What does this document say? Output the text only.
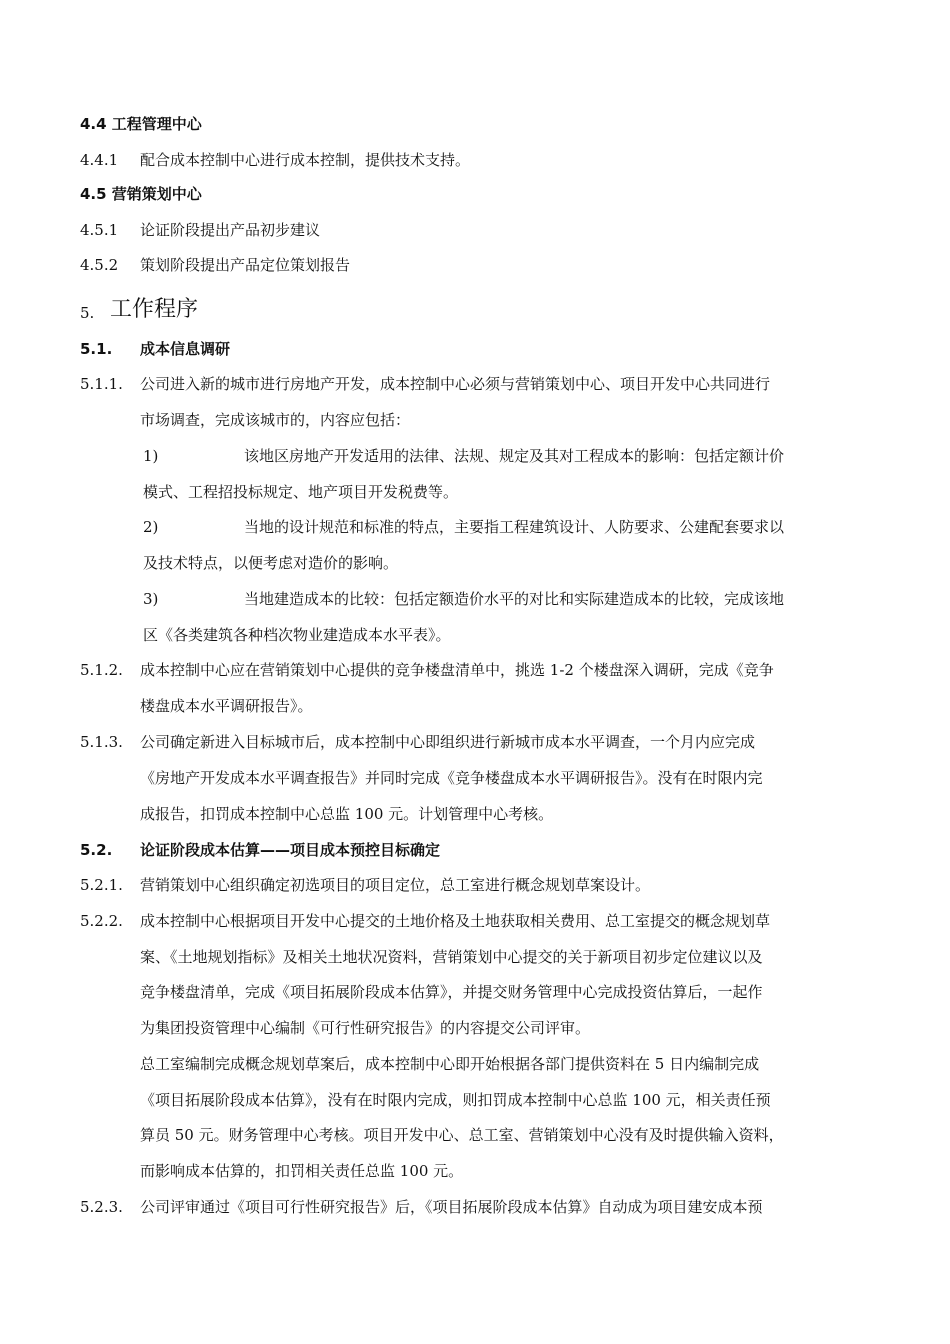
4.4 工程管理中心
4.4.1 配合成本控制中心进行成本控制，提供技术支持。
4.5 营销策划中心
4.5.1 论证阶段提出产品初步建议
4.5.2 策划阶段提出产品定位策划报告
5. 工作程序
5.1. 成本信息调研
5.1.1. 公司进入新的城市进行房地产开发，成本控制中心必须与营销策划中心、项目开发中心共同进行
市场调查，完成该城市的，内容应包括：
1)	该地区房地产开发适用的法律、法规、规定及其对工程成本的影响：包括定额计价
模式、工程招投标规定、地产项目开发税费等。
2)	当地的设计规范和标准的特点，主要指工程建筑设计、人防要求、公建配套要求以
及技术特点，以便考虑对造价的影响。
3)	当地建造成本的比较：包括定额造价水平的对比和实际建造成本的比较，完成该地
区《各类建筑各种档次物业建造成本水平表》。
5.1.2. 成本控制中心应在营销策划中心提供的竞争楼盘清单中，挑选 1-2 个楼盘深入调研，完成《竞争
楼盘成本水平调研报告》。
5.1.3. 公司确定新进入目标城市后，成本控制中心即组织进行新城市成本水平调查，一个月内应完成
《房地产开发成本水平调查报告》并同时完成《竞争楼盘成本水平调研报告》。没有在时限内完
成报告，扣罚成本控制中心总监 100 元。计划管理中心考核。
5.2. 论证阶段成本估算——项目成本预控目标确定
5.2.1. 营销策划中心组织确定初选项目的项目定位，总工室进行概念规划草案设计。
5.2.2. 成本控制中心根据项目开发中心提交的土地价格及土地获取相关费用、总工室提交的概念规划草
案、《土地规划指标》及相关土地状况资料，营销策划中心提交的关于新项目初步定位建议以及
竞争楼盘清单，完成《项目拓展阶段成本估算》，并提交财务管理中心完成投资估算后，一起作
为集团投资管理中心编制《可行性研究报告》的内容提交公司评审。
总工室编制完成概念规划草案后，成本控制中心即开始根据各部门提供资料在 5 日内编制完成
《项目拓展阶段成本估算》，没有在时限内完成，则扣罚成本控制中心总监 100 元，相关责任预
算员 50 元。财务管理中心考核。项目开发中心、总工室、营销策划中心没有及时提供输入资料，
而影响成本估算的，扣罚相关责任总监 100 元。
5.2.3. 公司评审通过《项目可行性研究报告》后，《项目拓展阶段成本估算》自动成为项目建安成本预
